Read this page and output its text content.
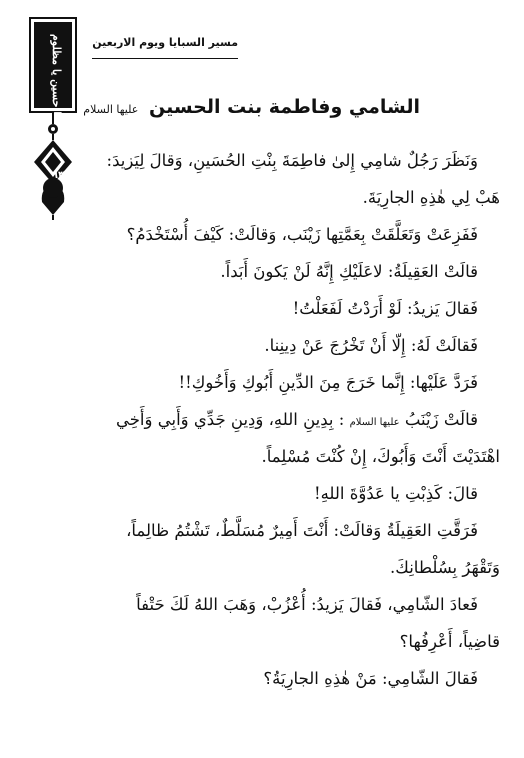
مسير السبايا ويوم الاربعين
يا حسين يا مظلوم
٦٣
الشامي وفاطمة بنت الحسين عليها السلام
وَنَظَرَ رَجُلٌ شامِي إِلىٰ فاطِمَةَ بِنْتِ الحُسَينِ، وَقالَ لِيَزيدَ:
هَبْ لِي هٰذِهِ الجارِيَةَ.
فَفَزِعَتْ وَتَعَلَّقَتْ بِعَمَّتِها زَيْنَب، وَقالَتْ: كَيْفَ أُسْتَخْدَمُ؟
قالَتْ العَقِيلَةُ: لاعَلَيْكِ إِنَّهُ لَنْ يَكونَ أَبَداً.
فَقالَ يَزيدُ: لَوْ أَرَدْتُ لَفَعَلْتُ!
فَقالَتْ لَهُ: إِلّا أَنْ تَخْرُجَ عَنْ دِينِنا.
فَرَدَّ عَلَيْها: إِنَّما خَرَجَ مِنَ الدِّينِ أَبُوكِ وَأَخُوكِ!!
قالَتْ زَيْنَبُ عليها السلام : بِدِينِ اللهِ، وَدِينِ جَدِّي وَأَبِي وَأَخِي
اهْتَدَيْتَ أَنْتَ وَأَبُوكَ، إِنْ كُنْتَ مُسْلِماً.
قالَ: كَذِبْتِ يا عَدُوَّةَ اللهِ!
فَرَقَّتِ العَقِيلَةُ وَقالَتْ: أَنْتَ أَمِيرٌ مُسَلَّطٌ، تَشْتُمُ ظالِماً،
وَتَقْهَرُ بِسُلْطانِكَ.
فَعادَ الشّامِي، فَقالَ يَزيدُ: أُعْزُبْ، وَهَبَ اللهُ لَكَ حَتْفاً
قاضِياً، أَعْرِفُها؟
فَقالَ الشّامِي: مَنْ هٰذِهِ الجارِيَةُ؟
